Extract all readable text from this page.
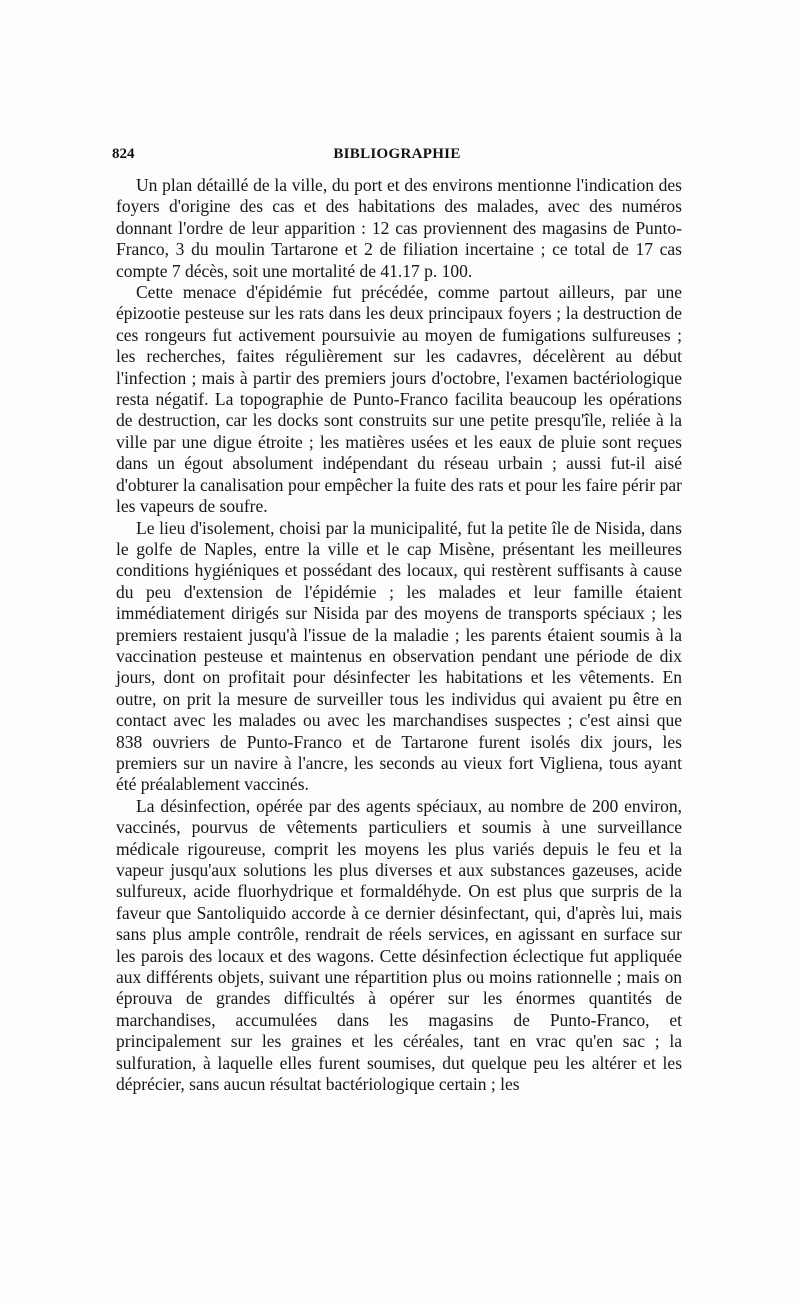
824	BIBLIOGRAPHIE

Un plan détaillé de la ville, du port et des environs mentionne l'indication des foyers d'origine des cas et des habitations des malades, avec des numéros donnant l'ordre de leur apparition : 12 cas proviennent des magasins de Punto-Franco, 3 du moulin Tartarone et 2 de filiation incertaine ; ce total de 17 cas compte 7 décès, soit une mortalité de 41.17 p. 100.

Cette menace d'épidémie fut précédée, comme partout ailleurs, par une épizootie pesteuse sur les rats dans les deux principaux foyers ; la destruction de ces rongeurs fut activement poursuivie au moyen de fumigations sulfureuses ; les recherches, faites régulièrement sur les cadavres, décelèrent au début l'infection ; mais à partir des premiers jours d'octobre, l'examen bactériologique resta négatif. La topographie de Punto-Franco facilita beaucoup les opérations de destruction, car les docks sont construits sur une petite presqu'île, reliée à la ville par une digue étroite ; les matières usées et les eaux de pluie sont reçues dans un égout absolument indépendant du réseau urbain ; aussi fut-il aisé d'obturer la canalisation pour empêcher la fuite des rats et pour les faire périr par les vapeurs de soufre.

Le lieu d'isolement, choisi par la municipalité, fut la petite île de Nisida, dans le golfe de Naples, entre la ville et le cap Misène, présentant les meilleures conditions hygiéniques et possédant des locaux, qui restèrent suffisants à cause du peu d'extension de l'épidémie ; les malades et leur famille étaient immédiatement dirigés sur Nisida par des moyens de transports spéciaux ; les premiers restaient jusqu'à l'issue de la maladie ; les parents étaient soumis à la vaccination pesteuse et maintenus en observation pendant une période de dix jours, dont on profitait pour désinfecter les habitations et les vêtements. En outre, on prit la mesure de surveiller tous les individus qui avaient pu être en contact avec les malades ou avec les marchandises suspectes ; c'est ainsi que 838 ouvriers de Punto-Franco et de Tartarone furent isolés dix jours, les premiers sur un navire à l'ancre, les seconds au vieux fort Vigliena, tous ayant été préalablement vaccinés.

La désinfection, opérée par des agents spéciaux, au nombre de 200 environ, vaccinés, pourvus de vêtements particuliers et soumis à une surveillance médicale rigoureuse, comprit les moyens les plus variés depuis le feu et la vapeur jusqu'aux solutions les plus diverses et aux substances gazeuses, acide sulfureux, acide fluorhydrique et formaldéhyde. On est plus que surpris de la faveur que Santoliquido accorde à ce dernier désinfectant, qui, d'après lui, mais sans plus ample contrôle, rendrait de réels services, en agissant en surface sur les parois des locaux et des wagons. Cette désinfection éclectique fut appliquée aux différents objets, suivant une répartition plus ou moins rationnelle ; mais on éprouva de grandes difficultés à opérer sur les énormes quantités de marchandises, accumulées dans les magasins de Punto-Franco, et principalement sur les graines et les céréales, tant en vrac qu'en sac ; la sulfuration, à laquelle elles furent soumises, dut quelque peu les altérer et les déprécier, sans aucun résultat bactériologique certain ; les
